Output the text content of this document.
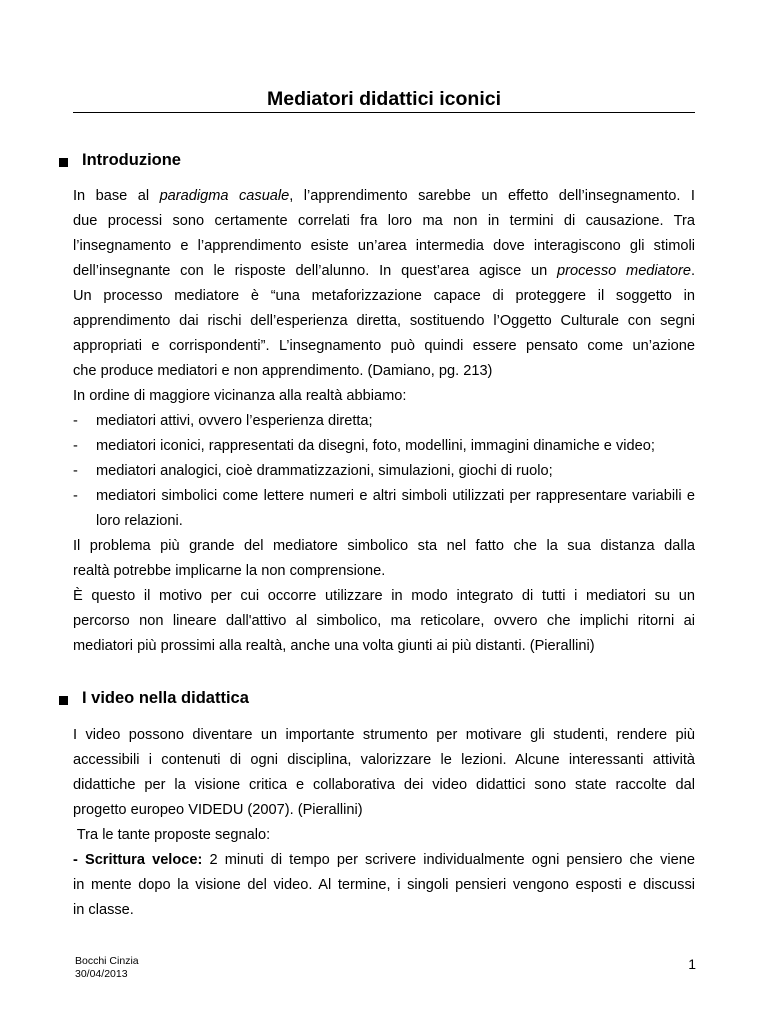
Mediatori didattici iconici
Introduzione
In base al paradigma casuale, l’apprendimento sarebbe un effetto dell’insegnamento. I
due processi sono certamente correlati fra loro ma non in termini di causazione. Tra
l’insegnamento e l’apprendimento esiste un’area intermedia dove interagiscono gli stimoli
dell’insegnante con le risposte dell’alunno. In quest’area agisce un processo mediatore.
Un processo mediatore è “una metaforizzazione capace di proteggere il soggetto in
apprendimento dai rischi dell’esperienza diretta, sostituendo l’Oggetto Culturale con segni
appropriati e corrispondenti”. L’insegnamento può quindi essere pensato come un’azione
che produce mediatori e non apprendimento. (Damiano, pg. 213)
In ordine di maggiore vicinanza alla realtà abbiamo:
-	mediatori attivi, ovvero l’esperienza diretta;
-	mediatori iconici, rappresentati da disegni, foto, modellini, immagini dinamiche e video;
-	mediatori analogici, cioè drammatizzazioni, simulazioni, giochi di ruolo;
-	mediatori simbolici come lettere numeri e altri simboli utilizzati per rappresentare variabili e loro relazioni.
Il problema più grande del mediatore simbolico sta nel fatto che la sua distanza dalla
realtà potrebbe implicarne la non comprensione.
È questo il motivo per cui occorre utilizzare in modo integrato di tutti i mediatori su un
percorso non lineare dall'attivo al simbolico, ma reticolare, ovvero che implichi ritorni ai
mediatori più prossimi alla realtà, anche una volta giunti ai più distanti. (Pierallini)
I video nella didattica
I video possono diventare un importante strumento per motivare gli studenti, rendere più
accessibili i contenuti di ogni disciplina, valorizzare le lezioni. Alcune interessanti attività
didattiche per la visione critica e collaborativa dei video didattici sono state raccolte dal
progetto europeo VIDEDU (2007). (Pierallini)
Tra le tante proposte segnalo:
- Scrittura veloce: 2 minuti di tempo per scrivere individualmente ogni pensiero che viene
in mente dopo la visione del video. Al termine, i singoli pensieri vengono esposti e discussi
in classe.
Bocchi Cinzia
30/04/2013
1
